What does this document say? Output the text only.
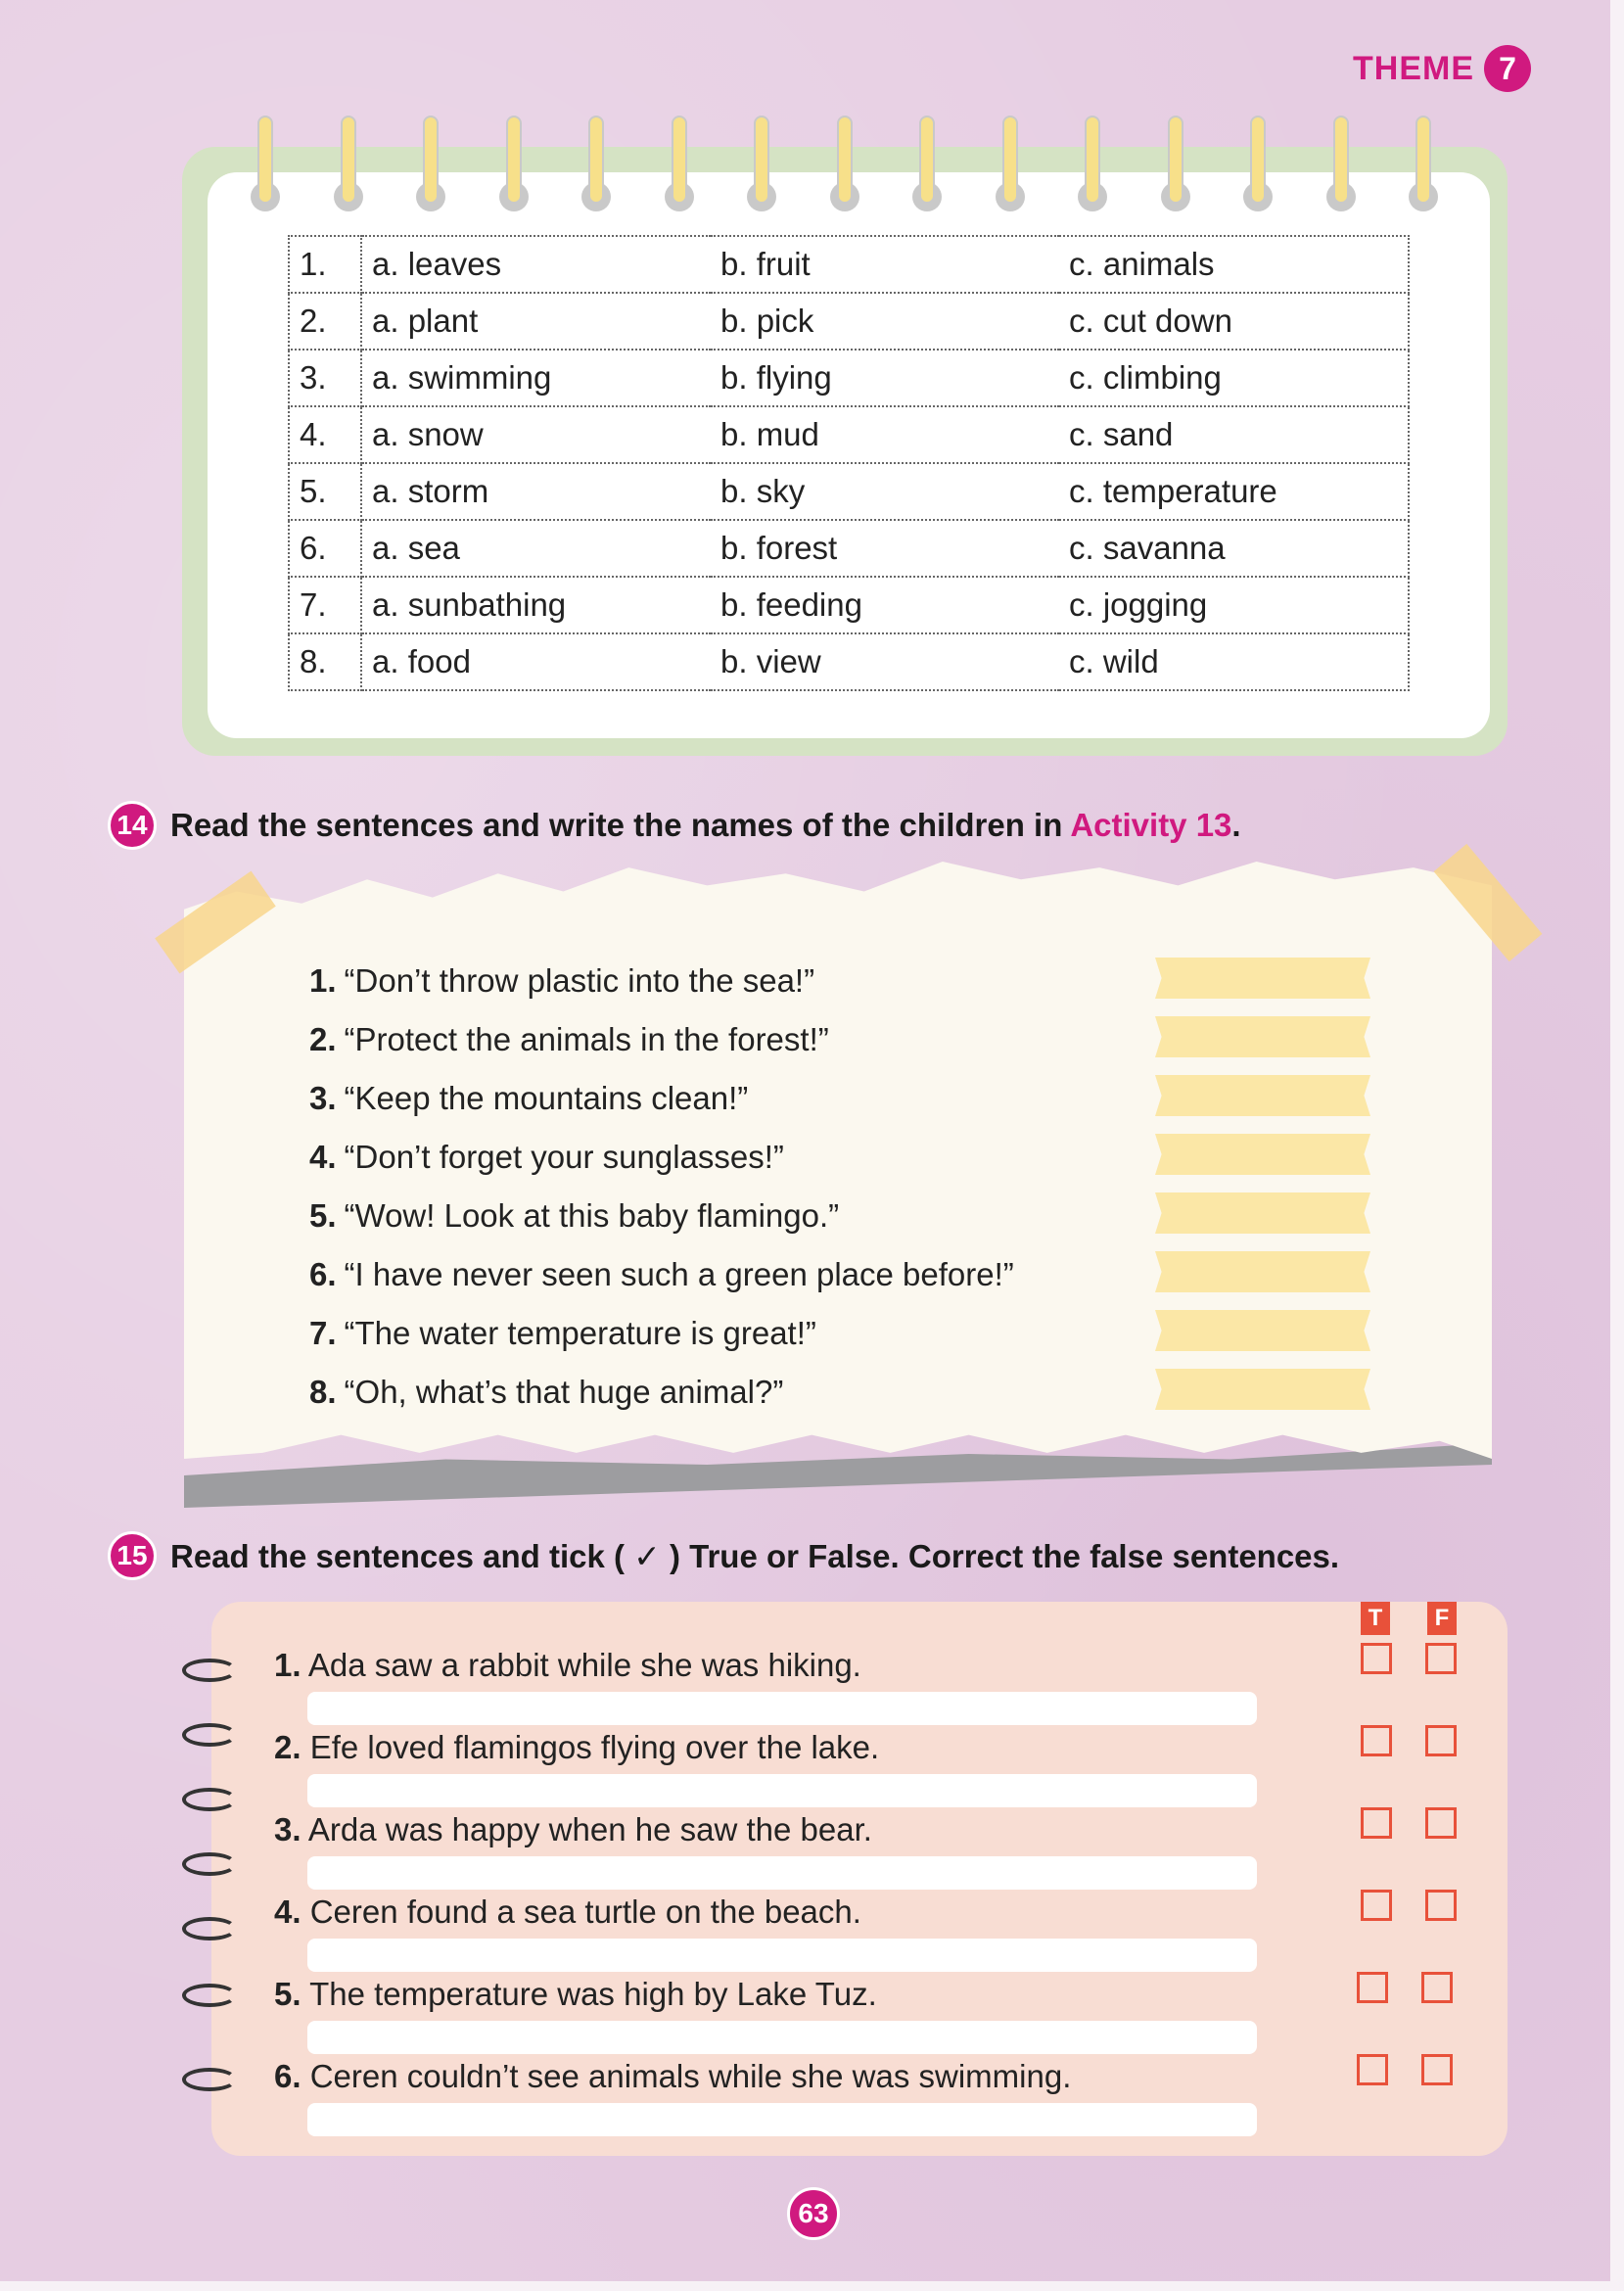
THEME 7
1.	a. leaves	b. fruit	c. animals
2.	a. plant	b. pick	c. cut down
3.	a. swimming	b. flying	c. climbing
4.	a. snow	b. mud	c. sand
5.	a. storm	b. sky	c. temperature
6.	a. sea	b. forest	c. savanna
7.	a. sunbathing	b. feeding	c. jogging
8.	a. food	b. view	c. wild
14 Read the sentences and write the names of the children in Activity 13.
1. “Don’t throw plastic into the sea!”
2. “Protect the animals in the forest!”
3. “Keep the mountains clean!”
4. “Don’t forget your sunglasses!”
5. “Wow! Look at this baby flamingo.”
6. “I have never seen such a green place before!”
7. “The water temperature is great!”
8. “Oh, what’s that huge animal?”
15 Read the sentences and tick ( ✓ ) True or False. Correct the false sentences.
T	F
1. Ada saw a rabbit while she was hiking.
2. Efe loved flamingos flying over the lake.
3. Arda was happy when he saw the bear.
4. Ceren found a sea turtle on the beach.
5. The temperature was high by Lake Tuz.
6. Ceren couldn’t see animals while she was swimming.
63
